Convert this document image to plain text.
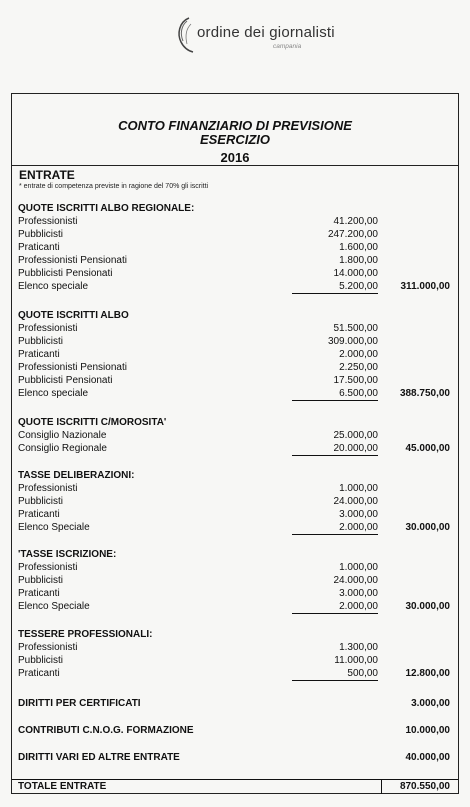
ordine dei giornalisti
campania
CONTO FINANZIARIO DI PREVISIONE
ESERCIZIO
2016
ENTRATE
* entrate di competenza previste in ragione del 70% gli iscritti
QUOTE ISCRITTI ALBO REGIONALE:
Professionisti	41.200,00
Pubblicisti	247.200,00
Praticanti	1.600,00
Professionisti Pensionati	1.800,00
Pubblicisti Pensionati	14.000,00
Elenco speciale	5.200,00 311.000,00
QUOTE ISCRITTI ALBO
Professionisti	51.500,00
Pubblicisti	309.000,00
Praticanti	2.000,00
Professionisti Pensionati	2.250,00
Pubblicisti Pensionati	17.500,00
Elenco speciale	6.500,00 388.750,00
QUOTE ISCRITTI C/MOROSITA'
Consiglio Nazionale	25.000,00
Consiglio Regionale	20.000,00	45.000,00
TASSE DELIBERAZIONI:
Professionisti	1.000,00
Pubblicisti	24.000,00
Praticanti	3.000,00
Elenco Speciale	2.000,00	30.000,00
'TASSE ISCRIZIONE:
Professionisti	1.000,00
Pubblicisti	24.000,00
Praticanti	3.000,00
Elenco Speciale	2.000,00	30.000,00
TESSERE PROFESSIONALI:
Professionisti	1.300,00
Pubblicisti	11.000,00
Praticanti	500,00	12.800,00
DIRITTI PER CERTIFICATI	3.000,00
CONTRIBUTI C.N.O.G. FORMAZIONE	10.000,00
DIRITTI VARI ED ALTRE ENTRATE	40.000,00
TOTALE ENTRATE	870.550,00
